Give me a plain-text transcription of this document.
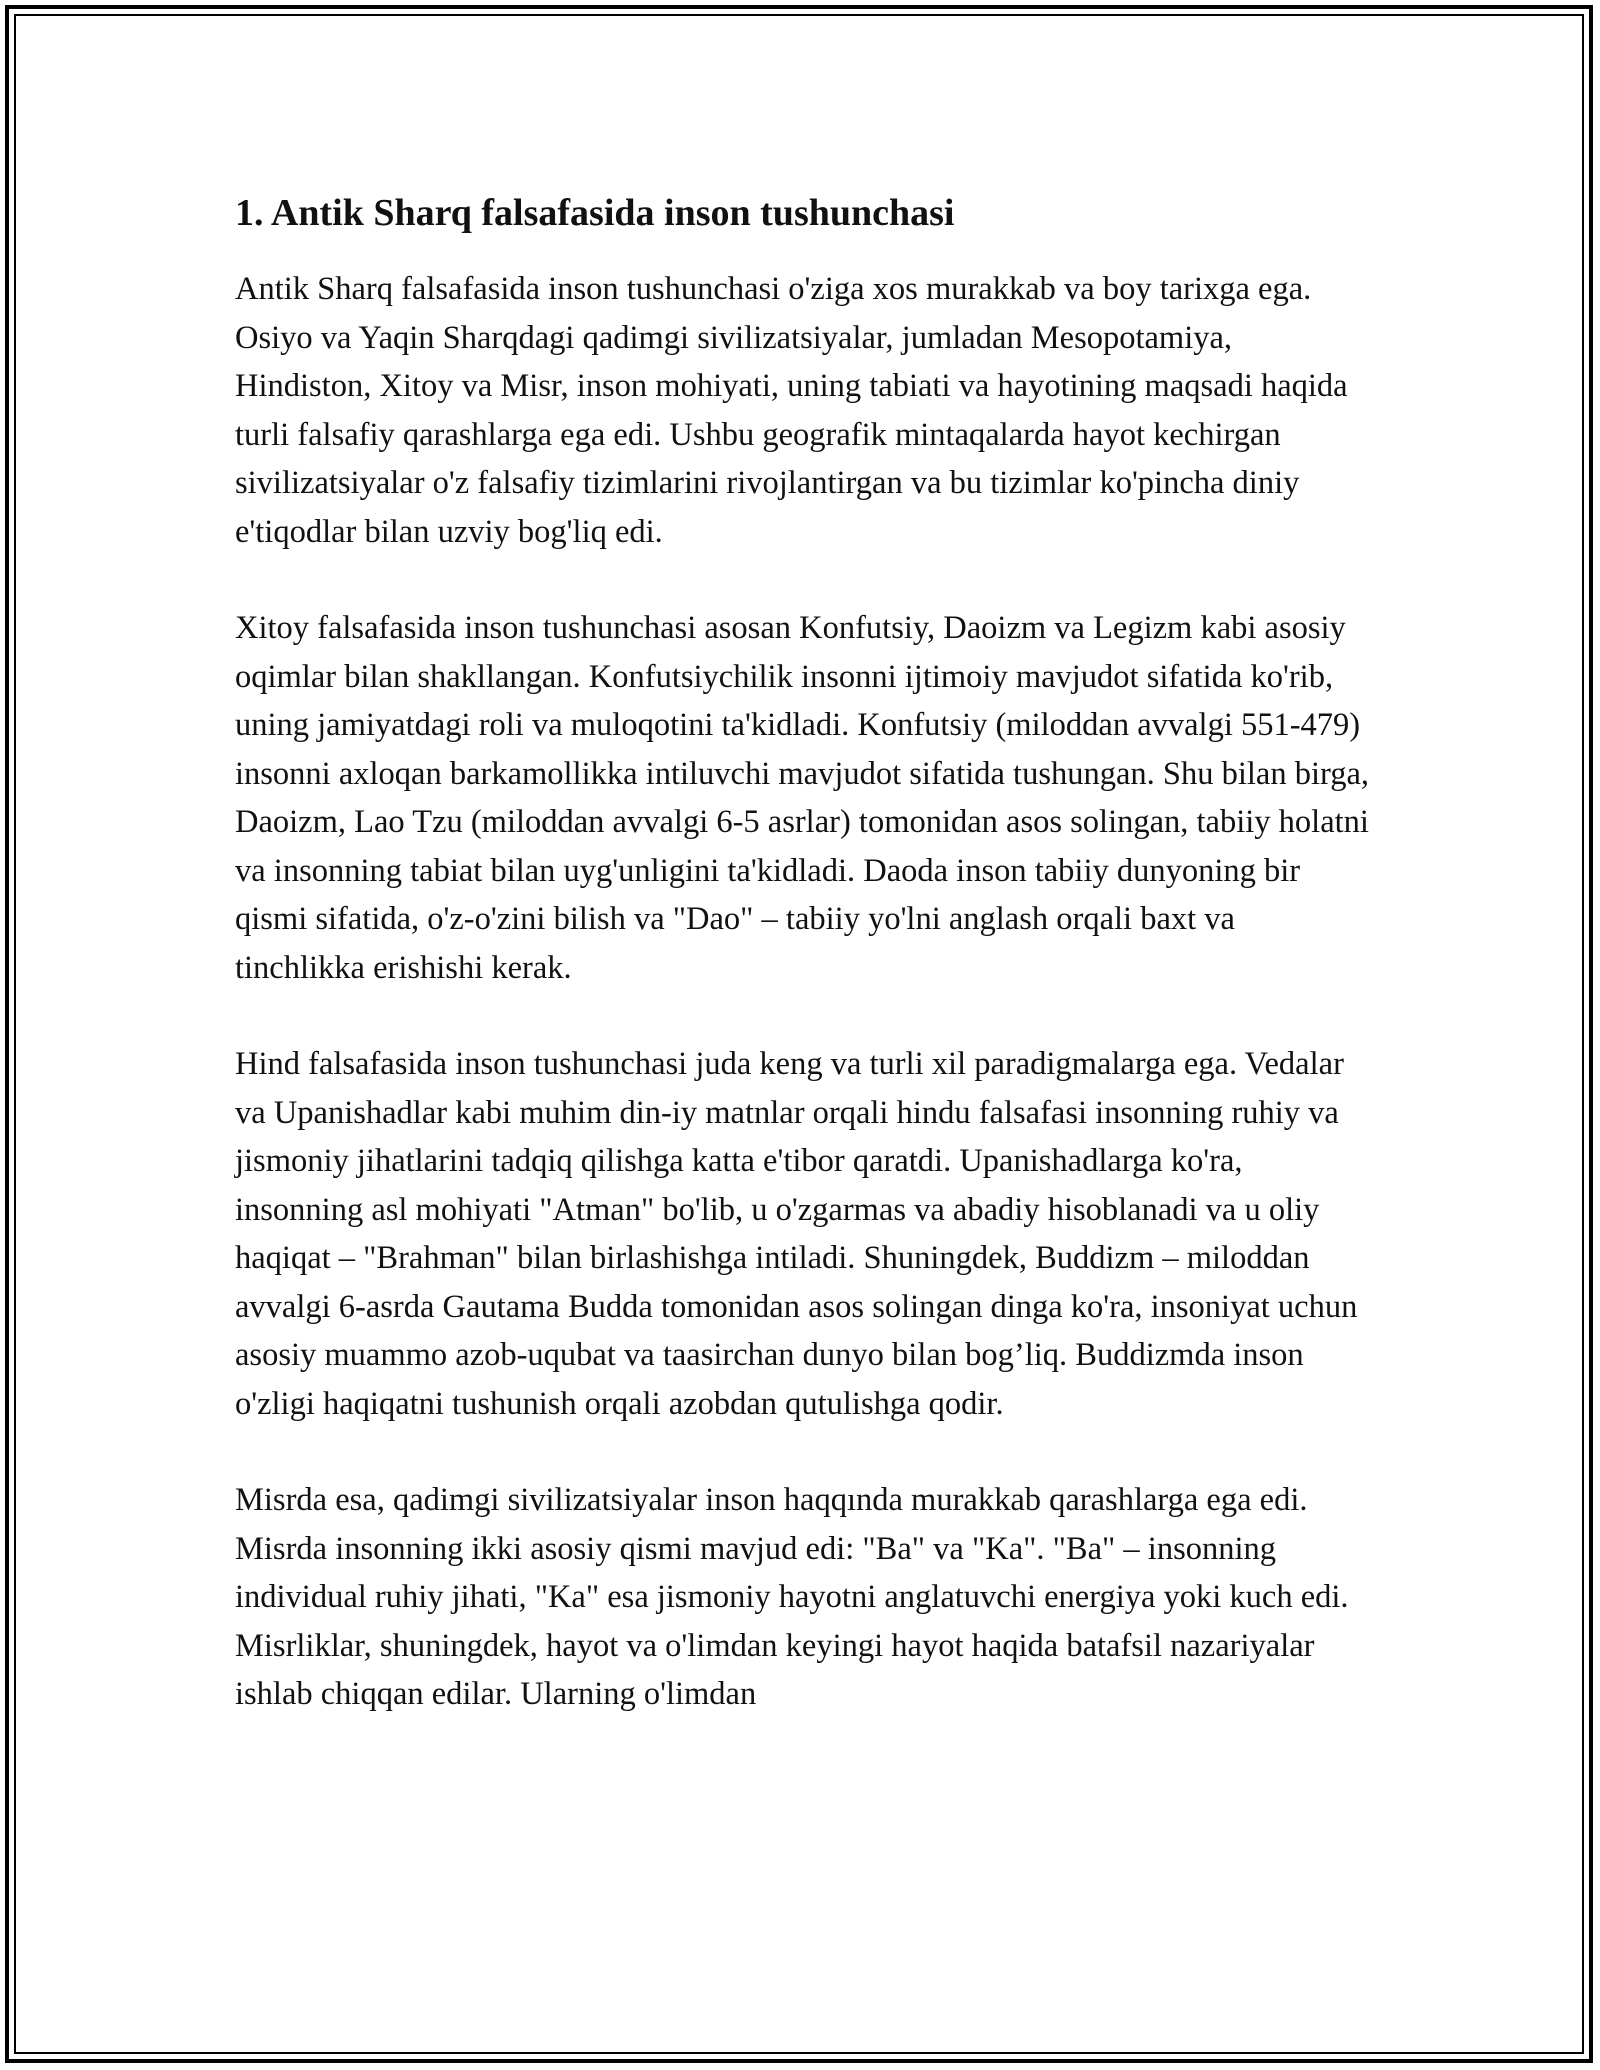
1. Antik Sharq falsafasida inson tushunchasi

Antik Sharq falsafasida inson tushunchasi o'ziga xos murakkab va boy tarixga ega. Osiyo va Yaqin Sharqdagi qadimgi sivilizatsiyalar, jumladan Mesopotamiya, Hindiston, Xitoy va Misr, inson mohiyati, uning tabiati va hayotining maqsadi haqida turli falsafiy qarashlarga ega edi. Ushbu geografik mintaqalarda hayot kechirgan sivilizatsiyalar o'z falsafiy tizimlarini rivojlantirgan va bu tizimlar ko'pincha diniy e'tiqodlar bilan uzviy bog'liq edi.

Xitoy falsafasida inson tushunchasi asosan Konfutsiy, Daoizm va Legizm kabi asosiy oqimlar bilan shakllangan. Konfutsiychilik insonni ijtimoiy mavjudot sifatida ko'rib, uning jamiyatdagi roli va muloqotini ta'kidladi. Konfutsiy (miloddan avvalgi 551-479) insonni axloqan barkamollikka intiluvchi mavjudot sifatida tushungan. Shu bilan birga, Daoizm, Lao Tzu (miloddan avvalgi 6-5 asrlar) tomonidan asos solingan, tabiiy holatni va insonning tabiat bilan uyg'unligini ta'kidladi. Daoda inson tabiiy dunyoning bir qismi sifatida, o'z-o'zini bilish va "Dao" – tabiiy yo'lni anglash orqali baxt va tinchlikka erishishi kerak.

Hind falsafasida inson tushunchasi juda keng va turli xil paradigmalarga ega. Vedalar va Upanishadlar kabi muhim din-iy matnlar orqali hindu falsafasi insonning ruhiy va jismoniy jihatlarini tadqiq qilishga katta e'tibor qaratdi. Upanishadlarga ko'ra, insonning asl mohiyati "Atman" bo'lib, u o'zgarmas va abadiy hisoblanadi va u oliy haqiqat – "Brahman" bilan birlashishga intiladi. Shuningdek, Buddizm – miloddan avvalgi 6-asrda Gautama Budda tomonidan asos solingan dinga ko'ra, insoniyat uchun asosiy muammo azob-uqubat va taasirchan dunyo bilan bog’liq. Buddizmda inson o'zligi haqiqatni tushunish orqali azobdan qutulishga qodir.

Misrda esa, qadimgi sivilizatsiyalar inson haqqında murakkab qarashlarga ega edi. Misrda insonning ikki asosiy qismi mavjud edi: "Ba" va "Ka". "Ba" – insonning individual ruhiy jihati, "Ka" esa jismoniy hayotni anglatuvchi energiya yoki kuch edi. Misrliklar, shuningdek, hayot va o'limdan keyingi hayot haqida batafsil nazariyalar ishlab chiqqan edilar. Ularning o'limdan
